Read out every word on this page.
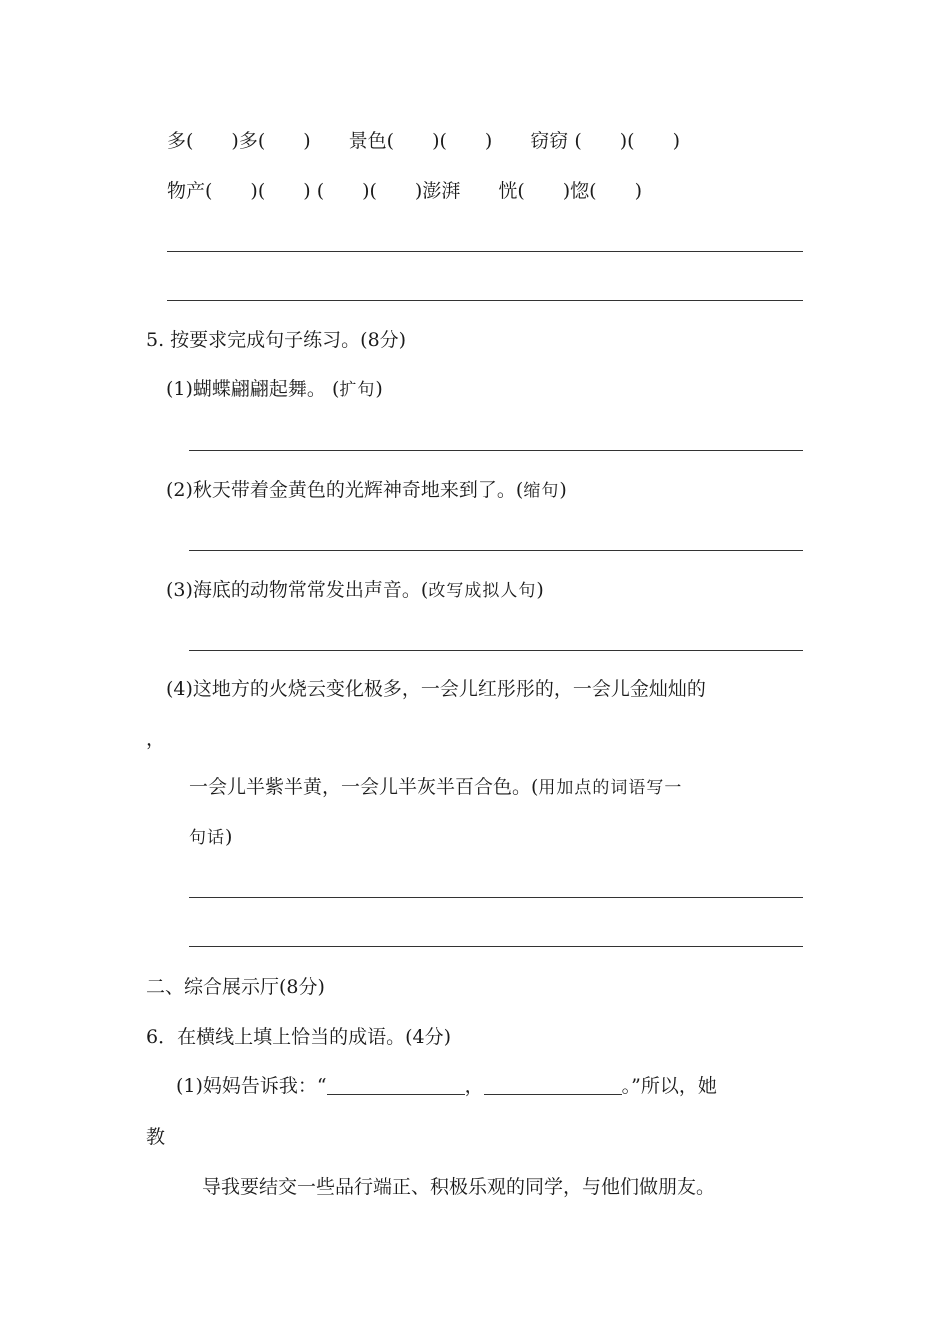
多(　　)多(　　)　　景色(　　)(　　)　　窃窃 (　　)(　　)
物产(　　)(　　) (　　)(　　)澎湃　　恍(　　)惚(　　)
5. 按要求完成句子练习。(8分)
(1)蝴蝶翩翩起舞。 (扩句)
(2)秋天带着金黄色的光辉神奇地来到了。(缩句)
(3)海底的动物常常发出声音。(改写成拟人句)
(4)这地方的火烧云变化极多，一会儿红彤彤的，一会儿金灿灿的
，
一会儿半紫半黄，一会儿半灰半百合色。(用加点的词语写一
句话)
二、综合展示厅(8分)
6．在横线上填上恰当的成语。(4分)
(1)妈妈告诉我：“	，	。”所以，她
教
导我要结交一些品行端正、积极乐观的同学，与他们做朋友。
